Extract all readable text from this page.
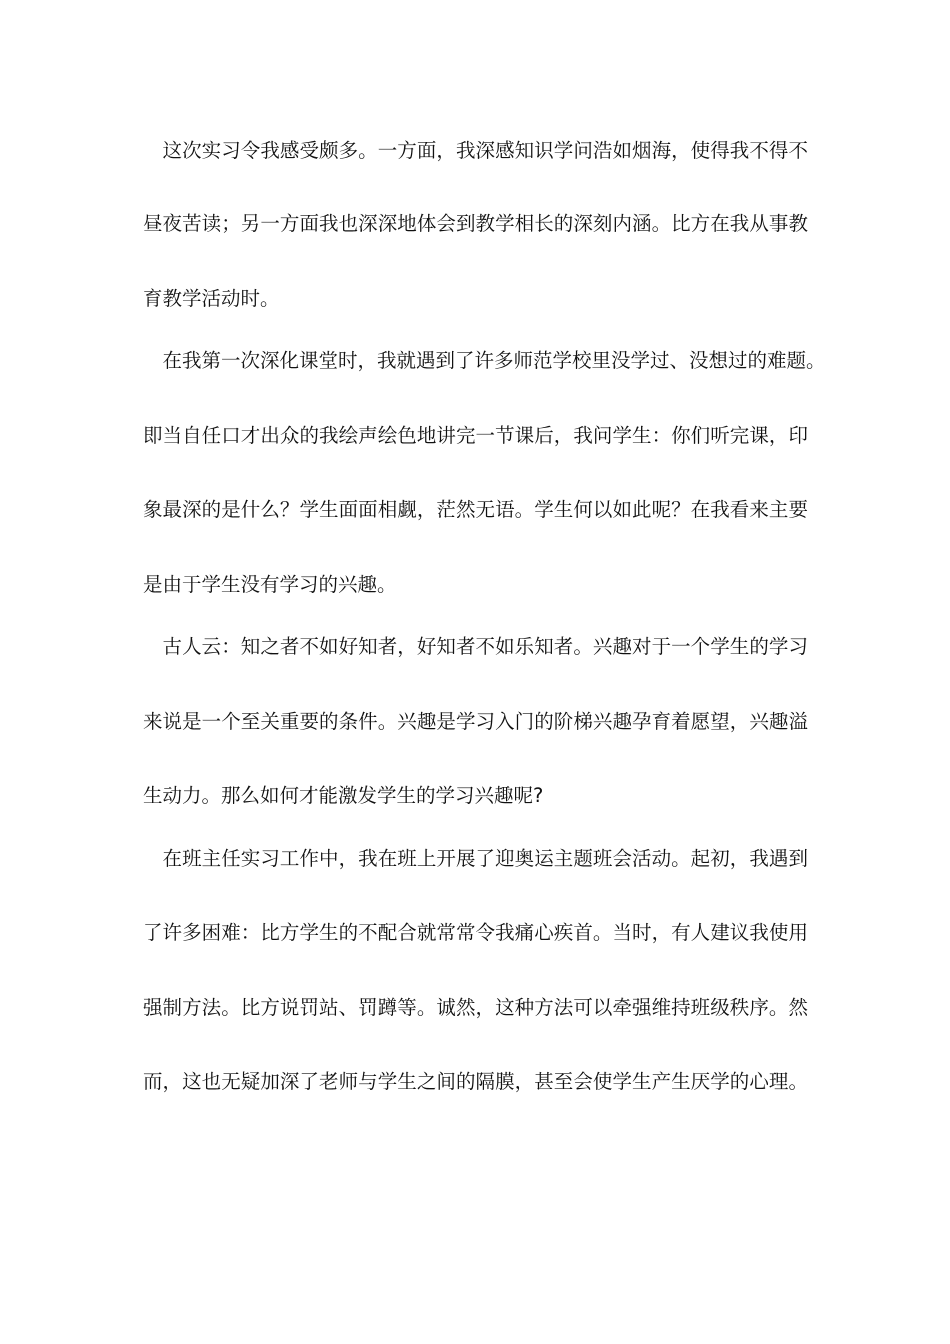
　这次实习令我感受颇多。一方面，我深感知识学问浩如烟海，使得我不得不
昼夜苦读；另一方面我也深深地体会到教学相长的深刻内涵。比方在我从事教
育教学活动时。
　在我第一次深化课堂时，我就遇到了许多师范学校里没学过、没想过的难题。
即当自任口才出众的我绘声绘色地讲完一节课后，我问学生：你们听完课，印
象最深的是什么？学生面面相觑，茫然无语。学生何以如此呢？在我看来主要
是由于学生没有学习的兴趣。
　古人云：知之者不如好知者，好知者不如乐知者。兴趣对于一个学生的学习
来说是一个至关重要的条件。兴趣是学习入门的阶梯兴趣孕育着愿望，兴趣溢
生动力。那么如何才能激发学生的学习兴趣呢?
　在班主任实习工作中，我在班上开展了迎奥运主题班会活动。起初，我遇到
了许多困难：比方学生的不配合就常常令我痛心疾首。当时，有人建议我使用
强制方法。比方说罚站、罚蹲等。诚然，这种方法可以牵强维持班级秩序。然
而，这也无疑加深了老师与学生之间的隔膜，甚至会使学生产生厌学的心理。
